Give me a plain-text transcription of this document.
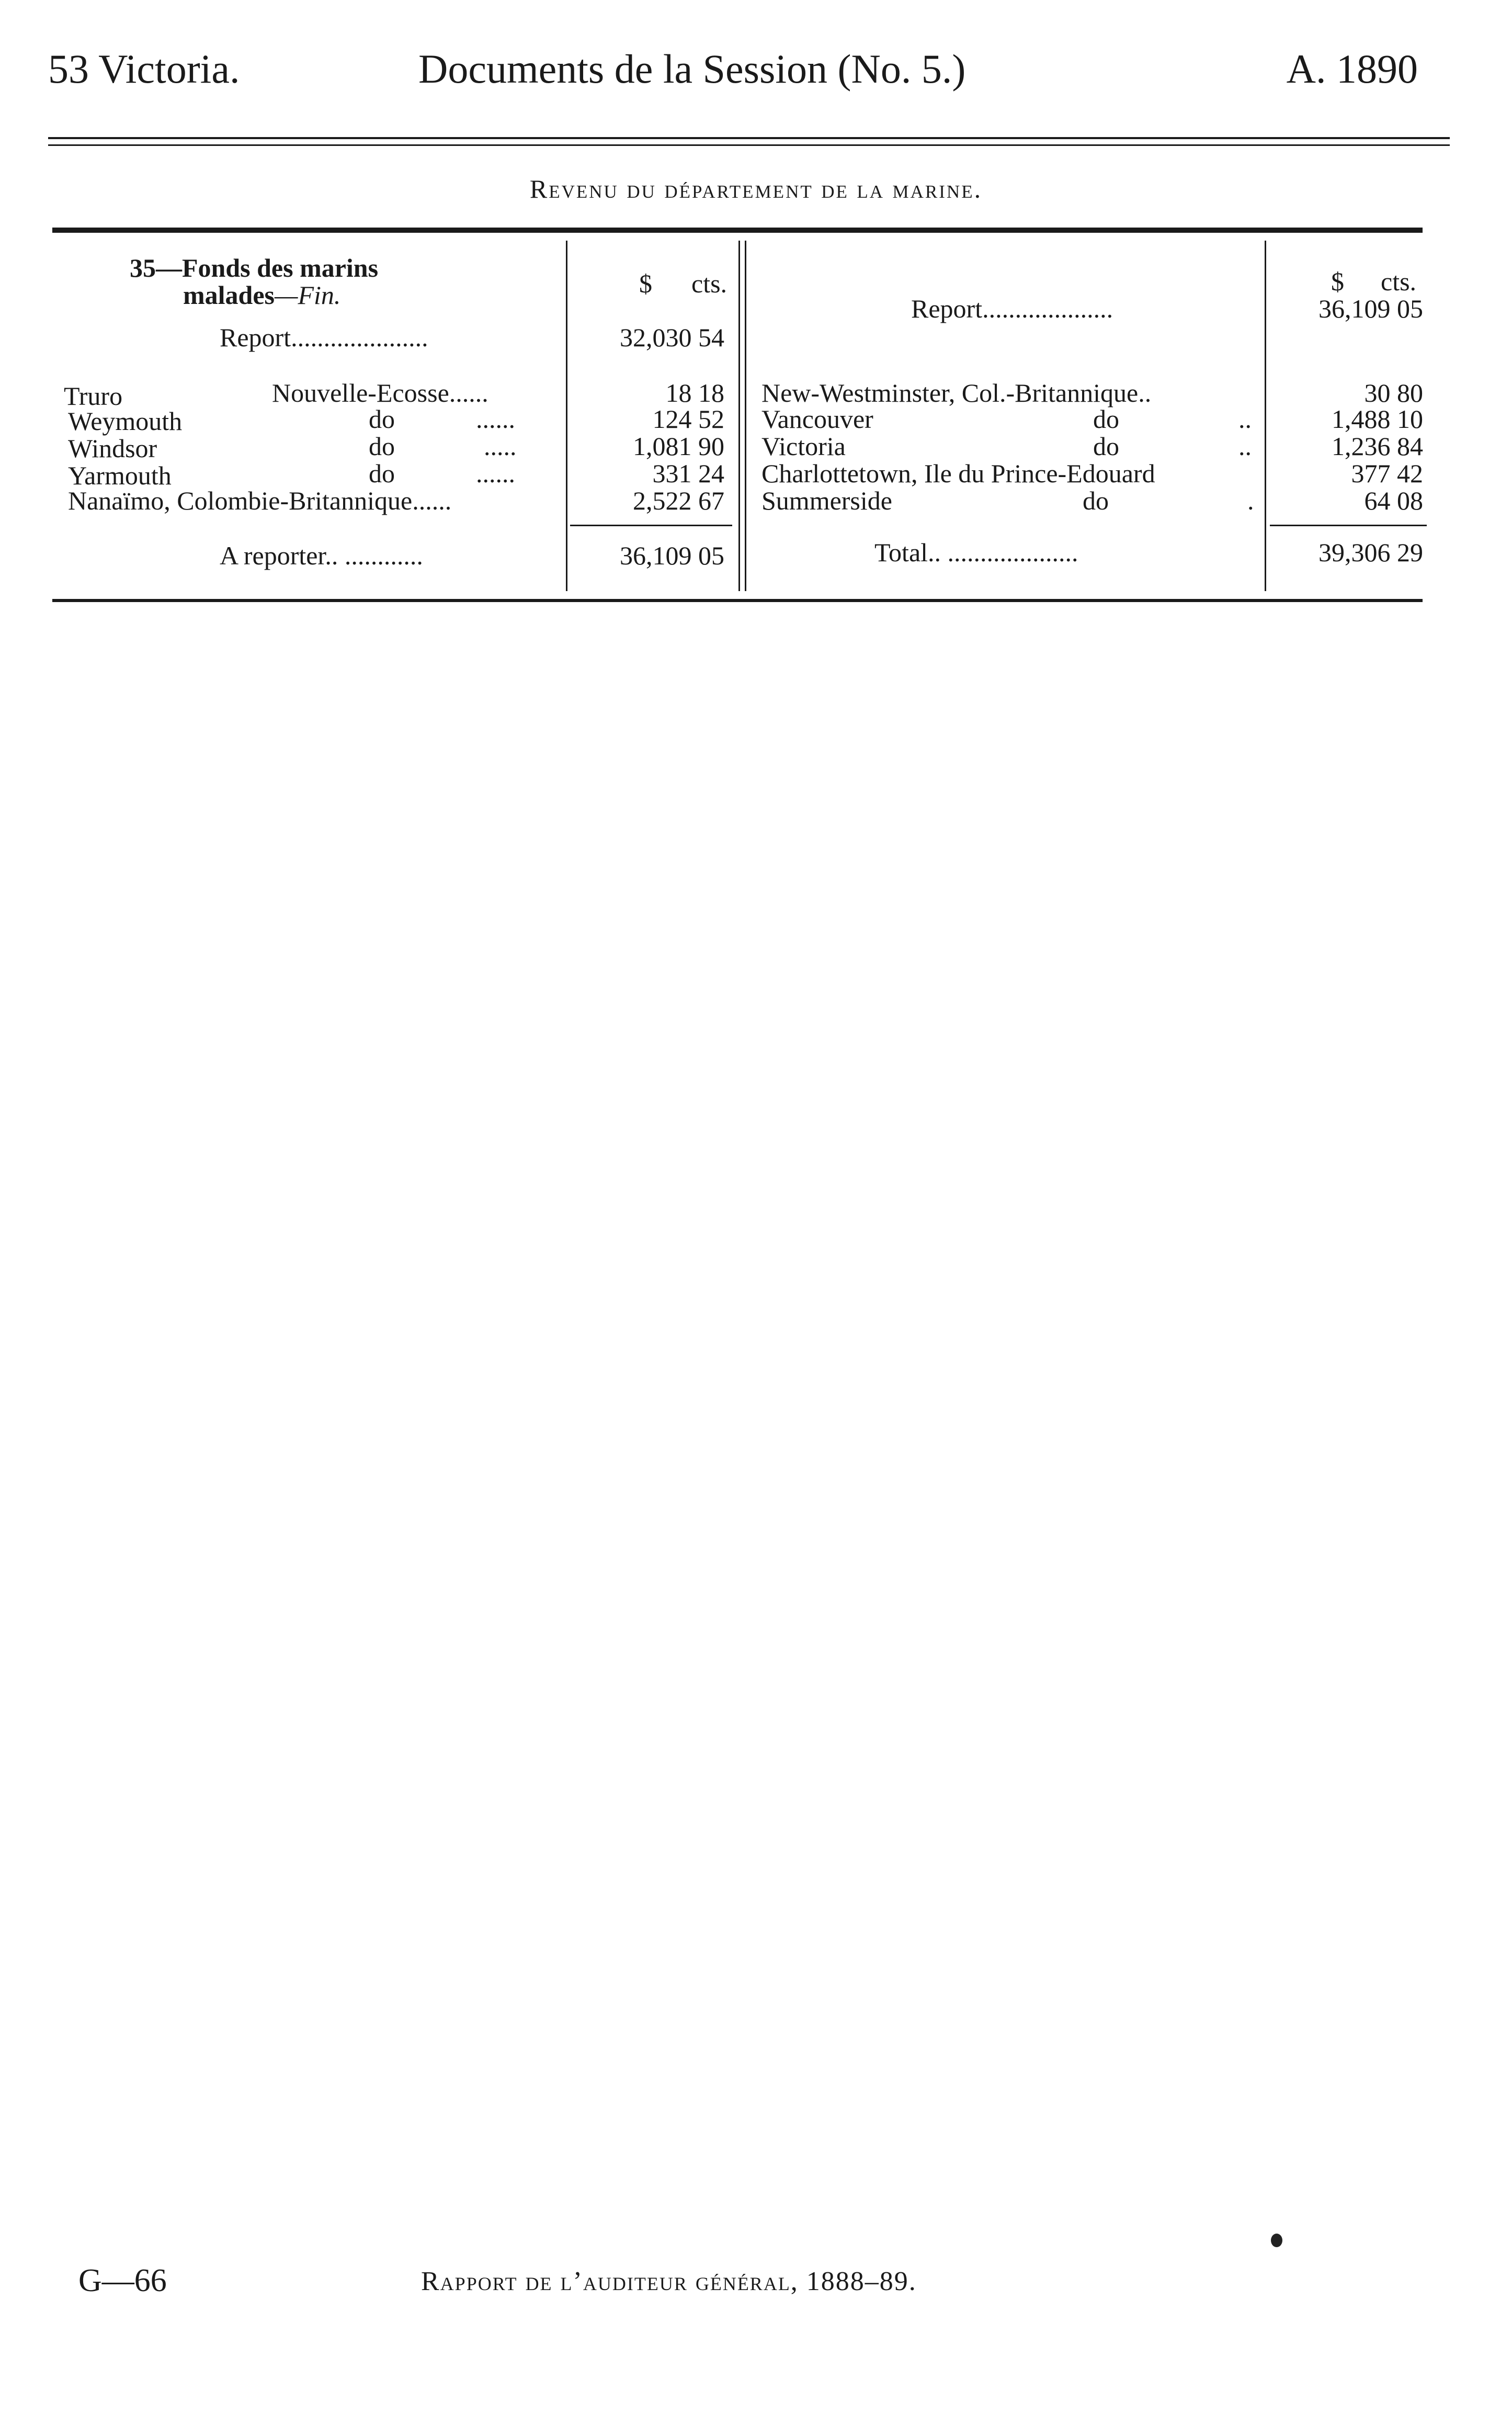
53 Victoria.	Documents de la Session (No. 5.)	A. 1890
Revenu du département de la marine.
35—Fonds des marins
malades—Fin.	$ cts.
Report.....................	32,030 54
Truro	Nouvelle-Ecosse......	18 18
Weymouth	do	......	124 52
Windsor	do	.....	1,081 90
Yarmouth	do	......	331 24
Nanaïmo, Colombie-Britannique......	2,522 67
A reporter.. ............	36,109 05
$ cts.
Report....................	36,109 05
New-Westminster, Col.-Britannique..	30 80
Vancouver	do	..	1,488 10
Victoria	do	..	1,236 84
Charlottetown, Ile du Prince-Edouard	377 42
Summerside	do	.	64 08
Total.. ....................	39,306 29
G—66	Rapport de l’auditeur général, 1888–89.
